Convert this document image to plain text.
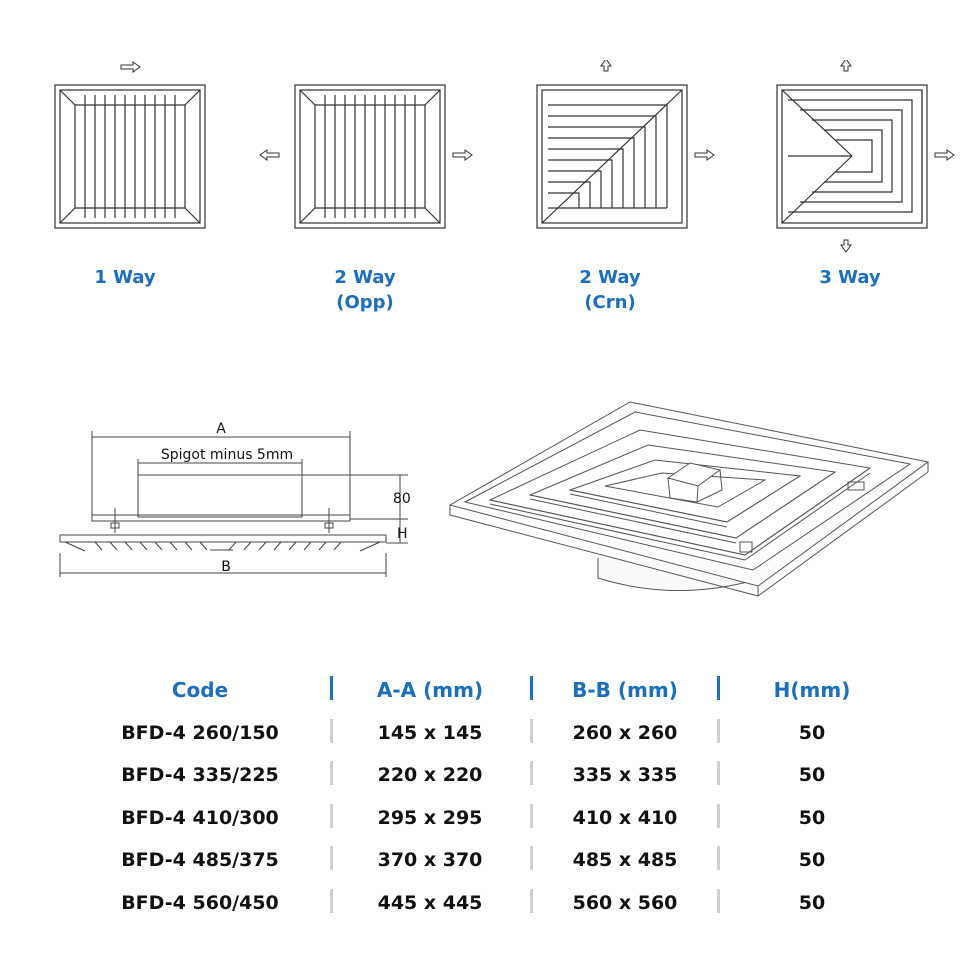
1 Way	2 Way
(Opp)
2 Way
(Crn)
3 Way
A
Spigot minus 5mm
80
H
B
Code	A-A (mm)	B-B (mm)	H(mm)
BFD-4 260/150	145 x 145	260 x 260	50
BFD-4 335/225	220 x 220	335 x 335	50
BFD-4 410/300	295 x 295	410 x 410	50
BFD-4 485/375	370 x 370	485 x 485	50
BFD-4 560/450	445 x 445	560 x 560	50
